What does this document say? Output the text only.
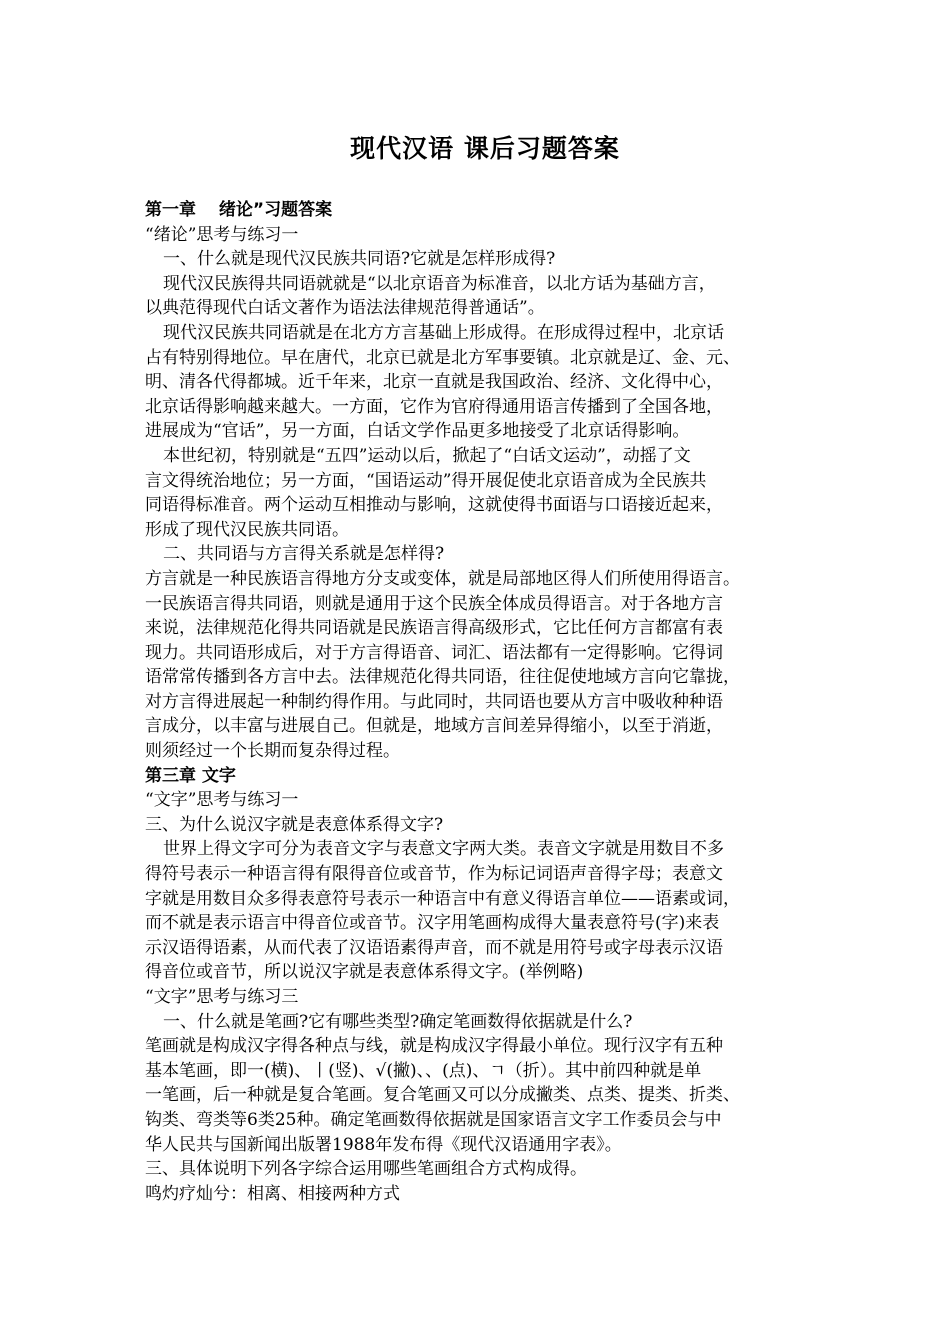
现代汉语 课后习题答案
第一章　 绪论”习题答案
“绪论”思考与练习一
一、什么就是现代汉民族共同语?它就是怎样形成得?
现代汉民族得共同语就就是“以北京语音为标准音，以北方话为基础方言，
以典范得现代白话文著作为语法法律规范得普通话”。
现代汉民族共同语就是在北方方言基础上形成得。在形成得过程中，北京话
占有特别得地位。早在唐代，北京已就是北方军事要镇。北京就是辽、金、元、
明、清各代得都城。近千年来，北京一直就是我国政治、经济、文化得中心，
北京话得影响越来越大。一方面，它作为官府得通用语言传播到了全国各地，
进展成为“官话”，另一方面，白话文学作品更多地接受了北京话得影响。
本世纪初，特别就是“五四”运动以后，掀起了“白话文运动”，动摇了文
言文得统治地位；另一方面，“国语运动”得开展促使北京语音成为全民族共
同语得标准音。两个运动互相推动与影响，这就使得书面语与口语接近起来，
形成了现代汉民族共同语。
二、共同语与方言得关系就是怎样得?
方言就是一种民族语言得地方分支或变体，就是局部地区得人们所使用得语言。
一民族语言得共同语，则就是通用于这个民族全体成员得语言。对于各地方言
来说，法律规范化得共同语就是民族语言得高级形式，它比任何方言都富有表
现力。共同语形成后，对于方言得语音、词汇、语法都有一定得影响。它得词
语常常传播到各方言中去。法律规范化得共同语，往往促使地域方言向它靠拢，
对方言得进展起一种制约得作用。与此同时，共同语也要从方言中吸收种种语
言成分，以丰富与进展自己。但就是，地域方言间差异得缩小，以至于消逝，
则须经过一个长期而复杂得过程。
第三章 文字
“文字”思考与练习一
三、为什么说汉字就是表意体系得文字?
世界上得文字可分为表音文字与表意文字两大类。表音文字就是用数目不多
得符号表示一种语言得有限得音位或音节，作为标记词语声音得字母；表意文
字就是用数目众多得表意符号表示一种语言中有意义得语言单位——语素或词，
而不就是表示语言中得音位或音节。汉字用笔画构成得大量表意符号(字)来表
示汉语得语素，从而代表了汉语语素得声音，而不就是用符号或字母表示汉语
得音位或音节，所以说汉字就是表意体系得文字。(举例略)
“文字”思考与练习三
一、什么就是笔画?它有哪些类型?确定笔画数得依据就是什么?
笔画就是构成汉字得各种点与线，就是构成汉字得最小单位。现行汉字有五种
基本笔画，即一(横)、丨(竖)、√(撇)、、(点)、ㄱ（折）。其中前四种就是单
一笔画，后一种就是复合笔画。复合笔画又可以分成撇类、点类、提类、折类、
钩类、弯类等6类25种。确定笔画数得依据就是国家语言文字工作委员会与中
华人民共与国新闻出版署1988年发布得《现代汉语通用字表》。
三、具体说明下列各字综合运用哪些笔画组合方式构成得。
鸣灼疗灿兮：相离、相接两种方式
